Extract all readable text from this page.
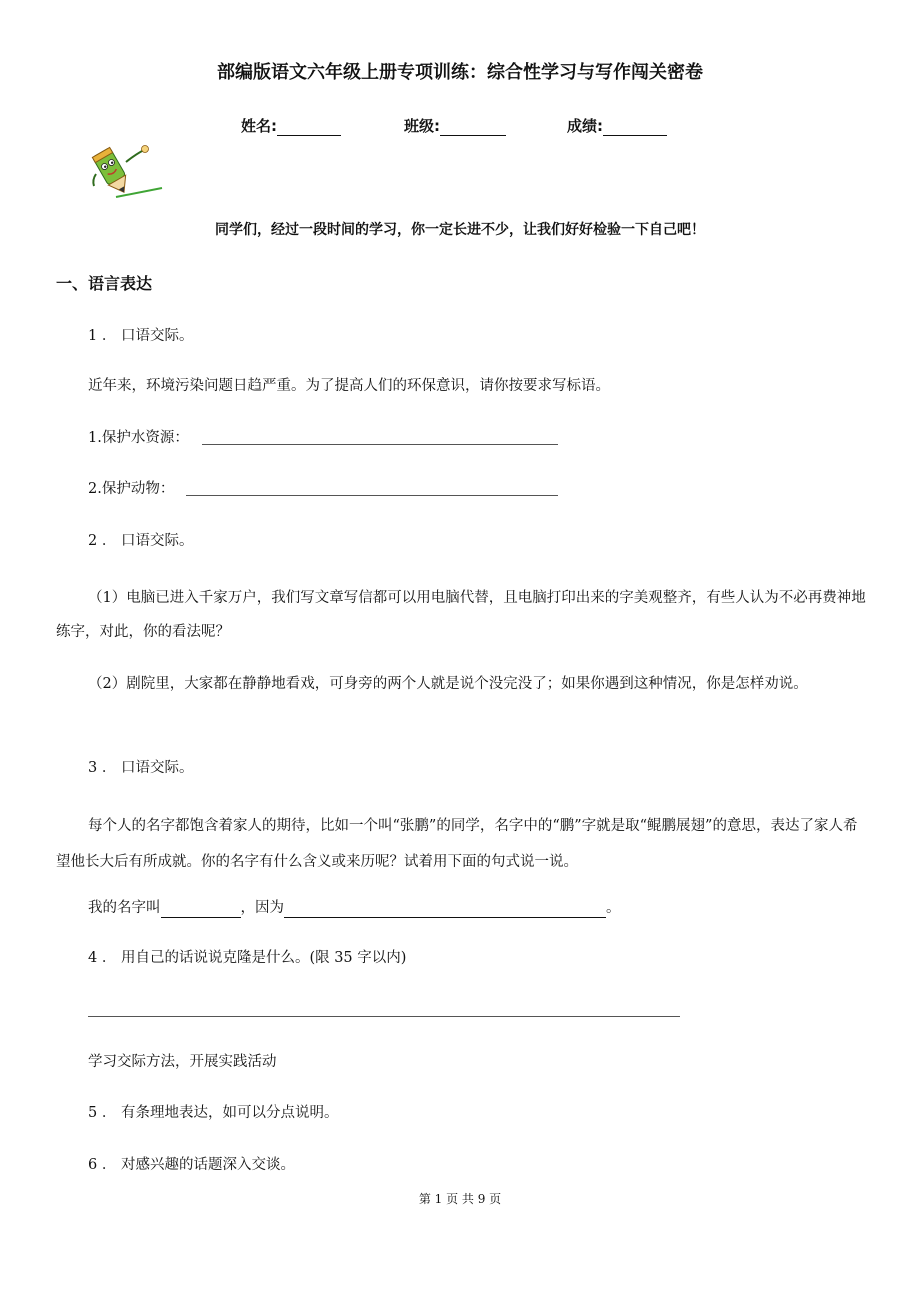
部编版语文六年级上册专项训练：综合性学习与写作闯关密卷
姓名:	班级:	成绩:
同学们，经过一段时间的学习，你一定长进不少，让我们好好检验一下自己吧！
一、语言表达
1 ． 口语交际。
近年来，环境污染问题日趋严重。为了提高人们的环保意识，请你按要求写标语。
1.保护水资源：
2.保护动物：
2 ． 口语交际。
（1）电脑已进入千家万户，我们写文章写信都可以用电脑代替，且电脑打印出来的字美观整齐，有些人认为不必再费神地练字，对此，你的看法呢？
（2）剧院里，大家都在静静地看戏，可身旁的两个人就是说个没完没了；如果你遇到这种情况，你是怎样劝说。
3 ． 口语交际。
每个人的名字都饱含着家人的期待，比如一个叫“张鹏”的同学，名字中的“鹏”字就是取“鲲鹏展翅”的意思，表达了家人希望他长大后有所成就。你的名字有什么含义或来历呢？试着用下面的句式说一说。
我的名字叫	，因为	。
4 ． 用自己的话说说克隆是什么。(限 35 字以内)
学习交际方法，开展实践活动
5 ． 有条理地表达，如可以分点说明。
6 ． 对感兴趣的话题深入交谈。
第 1 页 共 9 页
